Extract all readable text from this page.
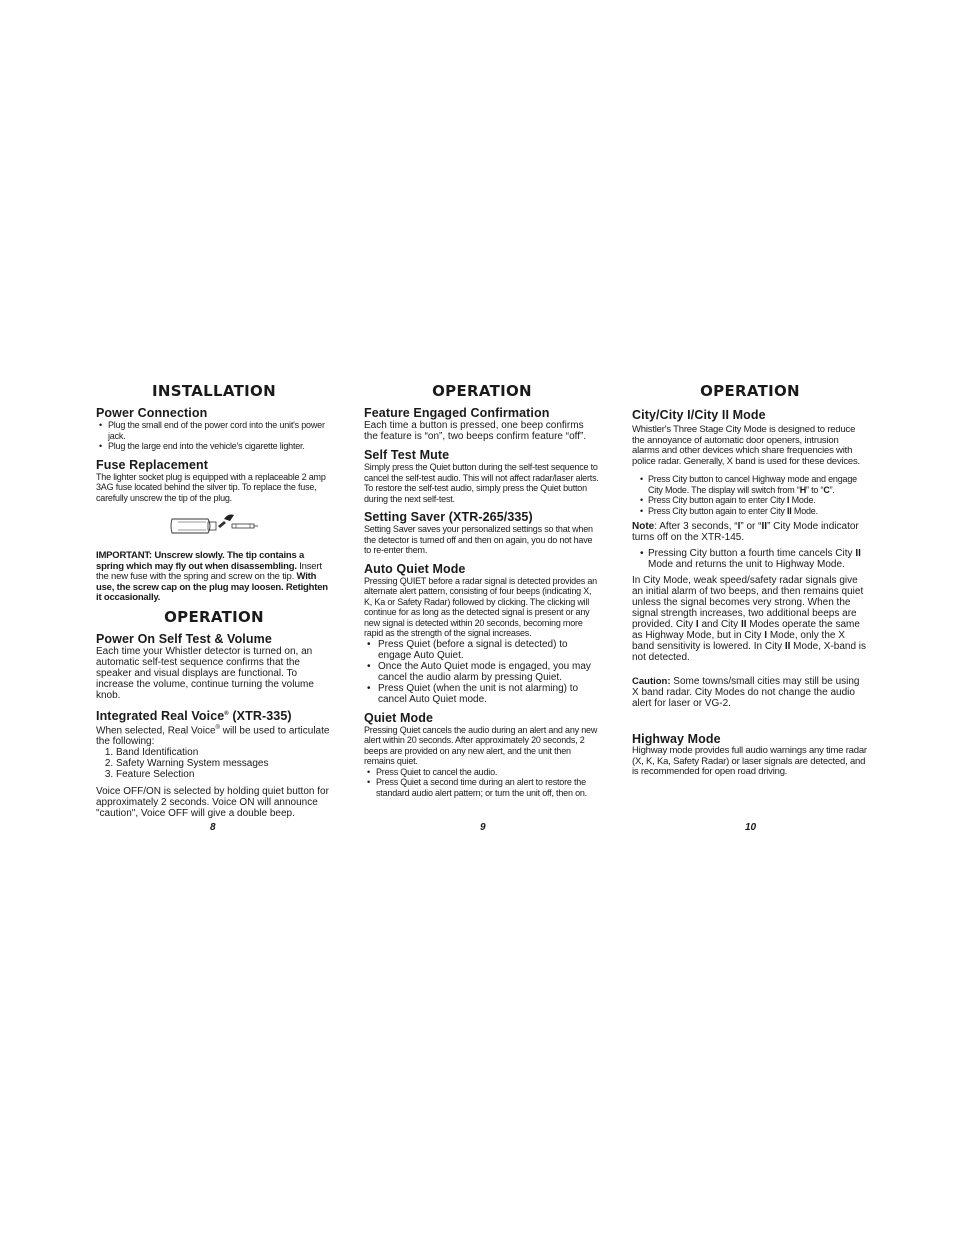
INSTALLATION
Power Connection
• Plug the small end of the power cord into the unit's power jack.
• Plug the large end into the vehicle's cigarette lighter.
Fuse Replacement

The lighter socket plug is equipped with a replaceable 2 amp 3AG fuse located behind the silver tip. To replace the fuse, carefully unscrew the tip of the plug.

IMPORTANT: Unscrew slowly. The tip contains a spring which may fly out when disassembling. Insert the new fuse with the spring and screw on the tip. With use, the screw cap on the plug may loosen. Retighten it occasionally.

OPERATION
Power On Self Test & Volume

Each time your Whistler detector is turned on, an automatic self-test sequence confirms that the speaker and visual displays are functional. To increase the volume, continue turning the volume knob.

Integrated Real Voice® (XTR-335)

When selected, Real Voice® will be used to articulate the following:

1. Band Identification
2. Safety Warning System messages
3. Feature Selection

Voice OFF/ON is selected by holding quiet button for approximately 2 seconds. Voice ON will announce "caution", Voice OFF will give a double beep.

8
OPERATION
Feature Engaged Confirmation

Each time a button is pressed, one beep confirms the feature is “on”, two beeps confirm feature “off”.

Self Test Mute

Simply press the Quiet button during the self-test sequence to cancel the self-test audio. This will not affect radar/laser alerts. To restore the self-test audio, simply press the Quiet button during the next self-test.

Setting Saver (XTR-265/335)

Setting Saver saves your personalized settings so that when the detector is turned off and then on again, you do not have to re-enter them.

Auto Quiet Mode

Pressing QUIET before a radar signal is detected provides an alternate alert pattern, consisting of four beeps (indicating X, K, Ka or Safety Radar) followed by clicking. The clicking will continue for as long as the detected signal is present or any new signal is detected within 20 seconds, becoming more rapid as the strength of the signal increases.

• Press Quiet (before a signal is detected) to engage Auto Quiet.
• Once the Auto Quiet mode is engaged, you may cancel the audio alarm by pressing Quiet.
• Press Quiet (when the unit is not alarming) to cancel Auto Quiet mode.
Quiet Mode

Pressing Quiet cancels the audio during an alert and any new alert within 20 seconds. After approximately 20 seconds, 2 beeps are provided on any new alert, and the unit then remains quiet.

• Press Quiet to cancel the audio.
• Press Quiet a second time during an alert to restore the standard audio alert pattern; or turn the unit off, then on.
9
OPERATION
City/City I/City II Mode

Whistler's Three Stage City Mode is designed to reduce the annoyance of automatic door openers, intrusion alarms and other devices which share frequencies with police radar. Generally, X band is used for these devices.

• Press City button to cancel Highway mode and engage City Mode. The display will switch from “H” to “C”.
• Press City button again to enter City I Mode.
• Press City button again to enter City II Mode.

Note: After 3 seconds, “I” or “II” City Mode indicator turns off on the XTR-145.

• Pressing City button a fourth time cancels City II Mode and returns the unit to Highway Mode.

In City Mode, weak speed/safety radar signals give an initial alarm of two beeps, and then remains quiet unless the signal becomes very strong. When the signal strength increases, two additional beeps are provided. City I and City II Modes operate the same as Highway Mode, but in City I Mode, only the X band sensitivity is lowered. In City II Mode, X-band is not detected.

Caution: Some towns/small cities may still be using X band radar. City Modes do not change the audio alert for laser or VG-2.

Highway Mode

Highway mode provides full audio warnings any time radar (X, K, Ka, Safety Radar) or laser signals are detected, and is recommended for open road driving.

10
